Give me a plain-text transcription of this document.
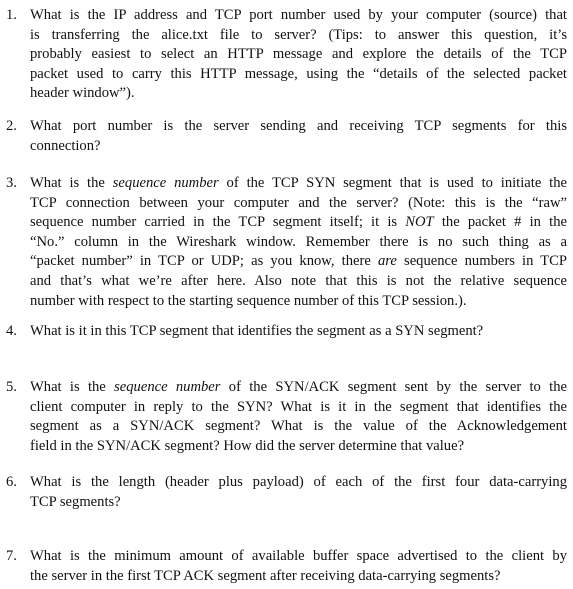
1. What is the IP address and TCP port number used by your computer (source) that
is transferring the alice.txt file to server? (Tips: to answer this question, it’s
probably easiest to select an HTTP message and explore the details of the TCP
packet used to carry this HTTP message, using the “details of the selected packet
header window”).
2. What port number is the server sending and receiving TCP segments for this
connection?
3. What is the sequence number of the TCP SYN segment that is used to initiate the
TCP connection between your computer and the server? (Note: this is the “raw”
sequence number carried in the TCP segment itself; it is NOT the packet # in the
“No.” column in the Wireshark window. Remember there is no such thing as a
“packet number” in TCP or UDP; as you know, there are sequence numbers in TCP
and that’s what we’re after here. Also note that this is not the relative sequence
number with respect to the starting sequence number of this TCP session.).
4. What is it in this TCP segment that identifies the segment as a SYN segment?
5. What is the sequence number of the SYN/ACK segment sent by the server to the
client computer in reply to the SYN? What is it in the segment that identifies the
segment as a SYN/ACK segment? What is the value of the Acknowledgement
field in the SYN/ACK segment? How did the server determine that value?
6. What is the length (header plus payload) of each of the first four data-carrying
TCP segments?
7. What is the minimum amount of available buffer space advertised to the client by
the server in the first TCP ACK segment after receiving data-carrying segments?
